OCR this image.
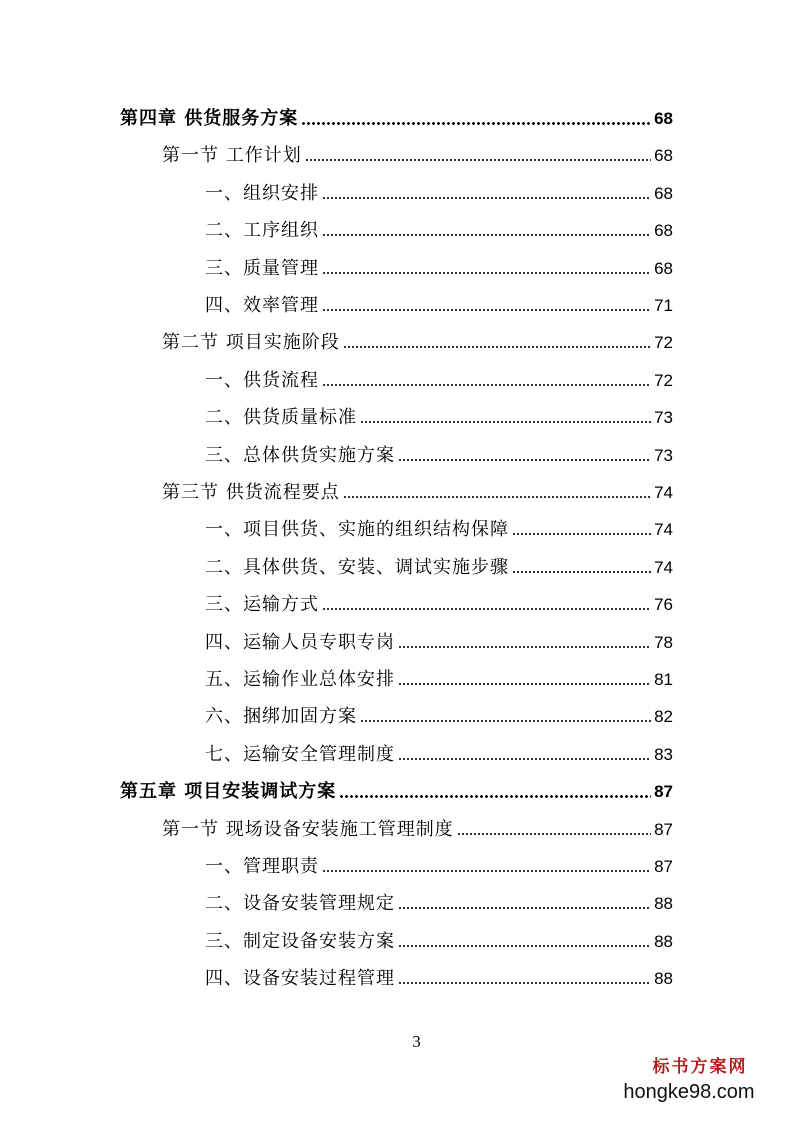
第四章 供货服务方案	68
第一节 工作计划	68
一、组织安排	68
二、工序组织	68
三、质量管理	68
四、效率管理	71
第二节 项目实施阶段	72
一、供货流程	72
二、供货质量标准	73
三、总体供货实施方案	73
第三节 供货流程要点	74
一、项目供货、实施的组织结构保障	74
二、具体供货、安装、调试实施步骤	74
三、运输方式	76
四、运输人员专职专岗	78
五、运输作业总体安排	81
六、捆绑加固方案	82
七、运输安全管理制度	83
第五章 项目安装调试方案	87
第一节 现场设备安装施工管理制度	87
一、管理职责	87
二、设备安装管理规定	88
三、制定设备安装方案	88
四、设备安装过程管理	88
3
标书方案网
hongke98.com
